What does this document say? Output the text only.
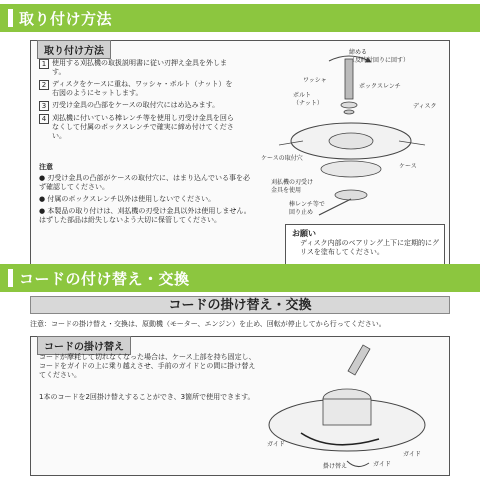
取り付け方法
取り付け方法
1 使用する刈払機の取扱説明書に従い刃押え金具を外します。
2 ディスクをケースに重ね、ワッシャ・ボルト（ナット）を右図のようにセットします。
3 刃受け金具の凸部をケースの取付穴にはめ込みます。
4 刈払機に付いている棒レンチ等を使用し刃受け金具を回らなくして付属のボックスレンチで確実に締め付けてください。
注意
● 刃受け金具の凸部がケースの取付穴に、はまり込んでいる事を必ず確認してください。
● 付属のボックスレンチ以外は使用しないでください。
● 本製品の取り付けは、刈払機の刃受け金具以外は使用しません。はずした部品は紛失しないよう大切に保管してください。
締める
（反時計回りに回す）
ワッシャ
ボックスレンチ
ボルト
（ナット）	ディスク
ケースの取付穴
ケース
刈払機の刃受け
金具を使用
棒レンチ等で
回り止め
お願い
ディスク内部のベアリング上下に定期的にグリスを塗布してください。
コードの付け替え・交換
コードの掛け替え・交換
注意：コードの掛け替え・交換は、原動機（モーター、エンジン）を止め、回転が停止してから行ってください。
コードの掛け替え
コードが摩耗して切れなくなった場合は、ケース上部を持ち固定し、コードをガイドの上に乗り越えさせ、手前のガイドとの間に掛け替えてください。
1本のコードを2回掛け替えすることができ、3箇所で使用できます。
ガイド
ガイド
ガイド
掛け替え
